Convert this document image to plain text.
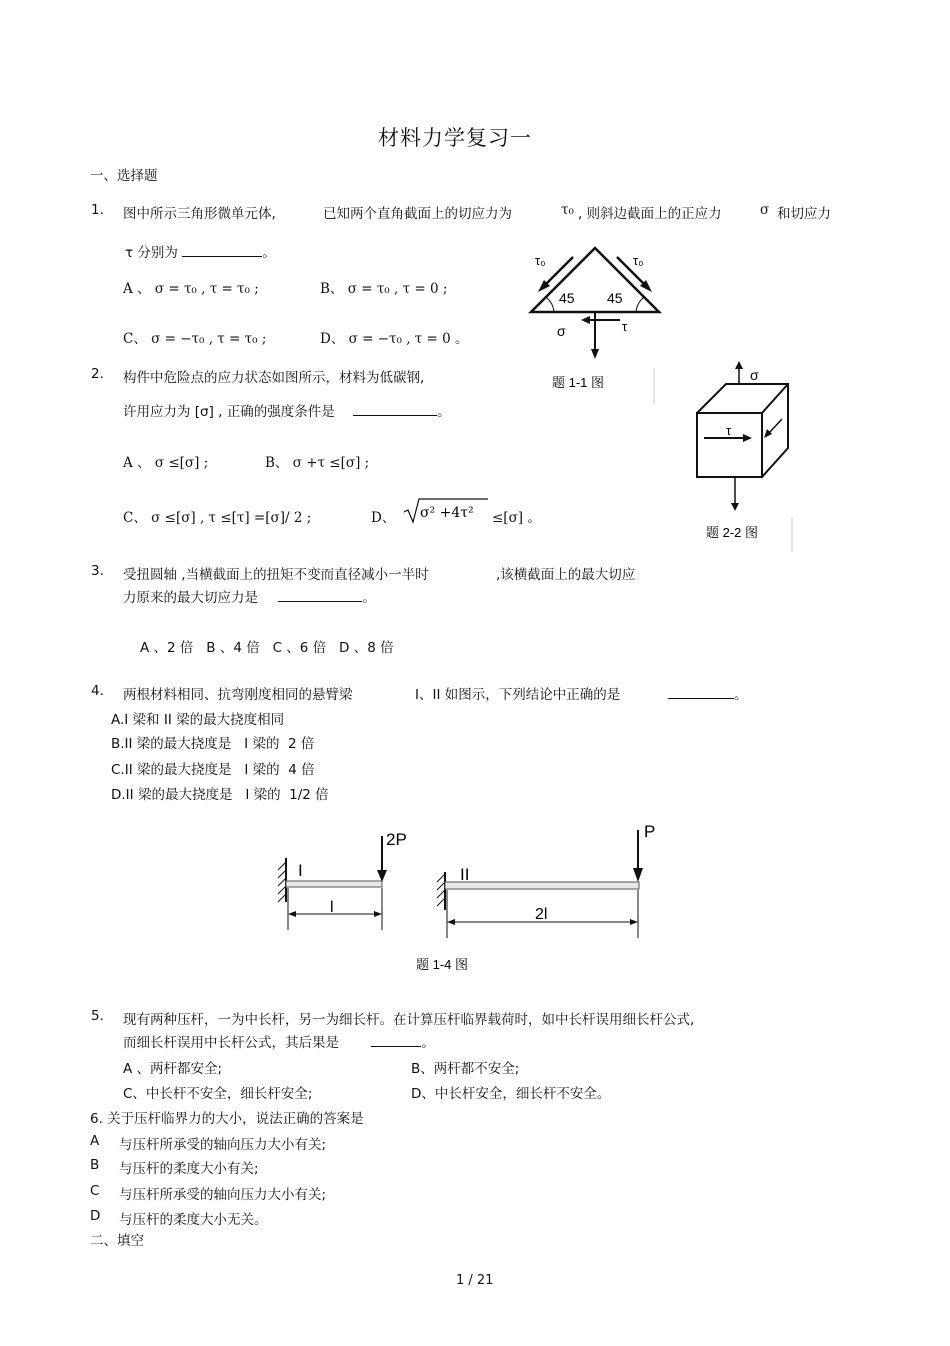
材料力学复习一
一、选择题
1. 图中所示三角形微单元体,	已知两个直角截面上的切应力为	τ₀ , 则斜边截面上的正应力	σ 和切应力
τ 分别为	。
A 、 σ = τ₀ , τ = τ₀ ;	B、 σ = τ₀ , τ = 0 ;
C、 σ = −τ₀ , τ = τ₀ ;	D、 σ = −τ₀ , τ = 0 。
τ₀	τ₀
45 45
σ	τ
题 1-1 图
2. 构件中危险点的应力状态如图所示，材料为低碳钢,
许用应力为 [σ] , 正确的强度条件是	。
A 、 σ ≤[σ] ;	B、 σ +τ ≤[σ] ;
C、 σ ≤[σ] , τ ≤[τ] =[σ]/ 2 ;	D、 σ² +4τ² ≤[σ] 。
σ
τ
题 2-2 图
3. 受扭圆轴 ,当横截面上的扭矩不变而直径减小一半时	,该横截面上的最大切应
力原来的最大切应力是	。
A 、2 倍   B 、4 倍   C 、6 倍   D 、8 倍
4. 两根材料相同、抗弯刚度相同的悬臂梁	I、II 如图示，下列结论中正确的是	。
A.I 梁和 II 梁的最大挠度相同
B.II 梁的最大挠度是   I 梁的  2 倍
C.II 梁的最大挠度是   I 梁的  4 倍
D.II 梁的最大挠度是   I 梁的  1/2 倍
2P
I
l
P
II
2l
题 1-4 图
5. 现有两种压杆，一为中长杆，另一为细长杆。在计算压杆临界载荷时，如中长杆误用细长杆公式,
而细长杆误用中长杆公式，其后果是	。
A 、两杆都安全;	B、两杆都不安全;
C、中长杆不安全，细长杆安全;	D、中长杆安全，细长杆不安全。
6. 关于压杆临界力的大小，说法正确的答案是
A 与压杆所承受的轴向压力大小有关;
B 与压杆的柔度大小有关;
C 与压杆所承受的轴向压力大小有关;
D 与压杆的柔度大小无关。
二、填空
1 / 21
